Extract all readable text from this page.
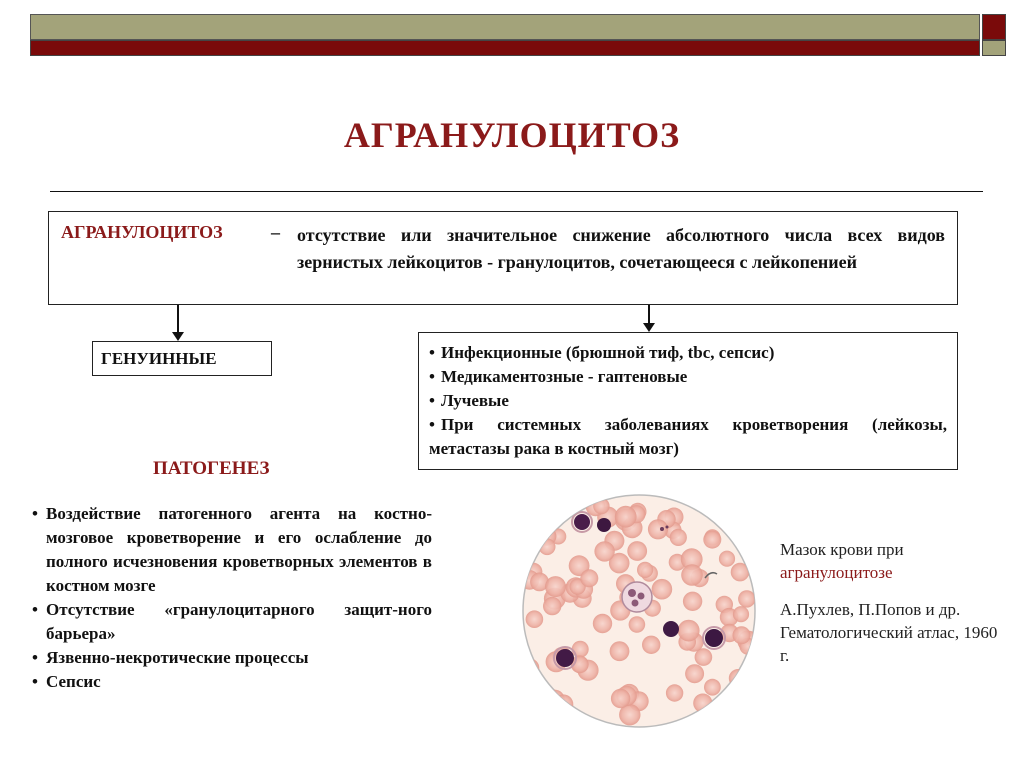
АГРАНУЛОЦИТОЗ
АГРАНУЛОЦИТОЗ	– отсутствие или значительное снижение абсолютного числа всех видов зернистых лейкоцитов - гранулоцитов, сочетающееся с лейкопенией
ГЕНУИННЫЕ	• Инфекционные (брюшной тиф, tbc, сепсис)
• Медикаментозные - гаптеновые
• Лучевые
• При системных заболеваниях кроветворения (лейкозы, метастазы рака в костный мозг)
ПАТОГЕНЕЗ
• Воздействие патогенного агента на костно-мозговое кроветворение и его ослабление до полного исчезновения кроветворных элементов в костном мозге
• Отсутствие «гранулоцитарного защит-ного барьера»
• Язвенно-некротические процессы
• Сепсис
Мазок крови при
агранулоцитозе
А.Пухлев, П.Попов и др. Гематологический атлас, 1960 г.
